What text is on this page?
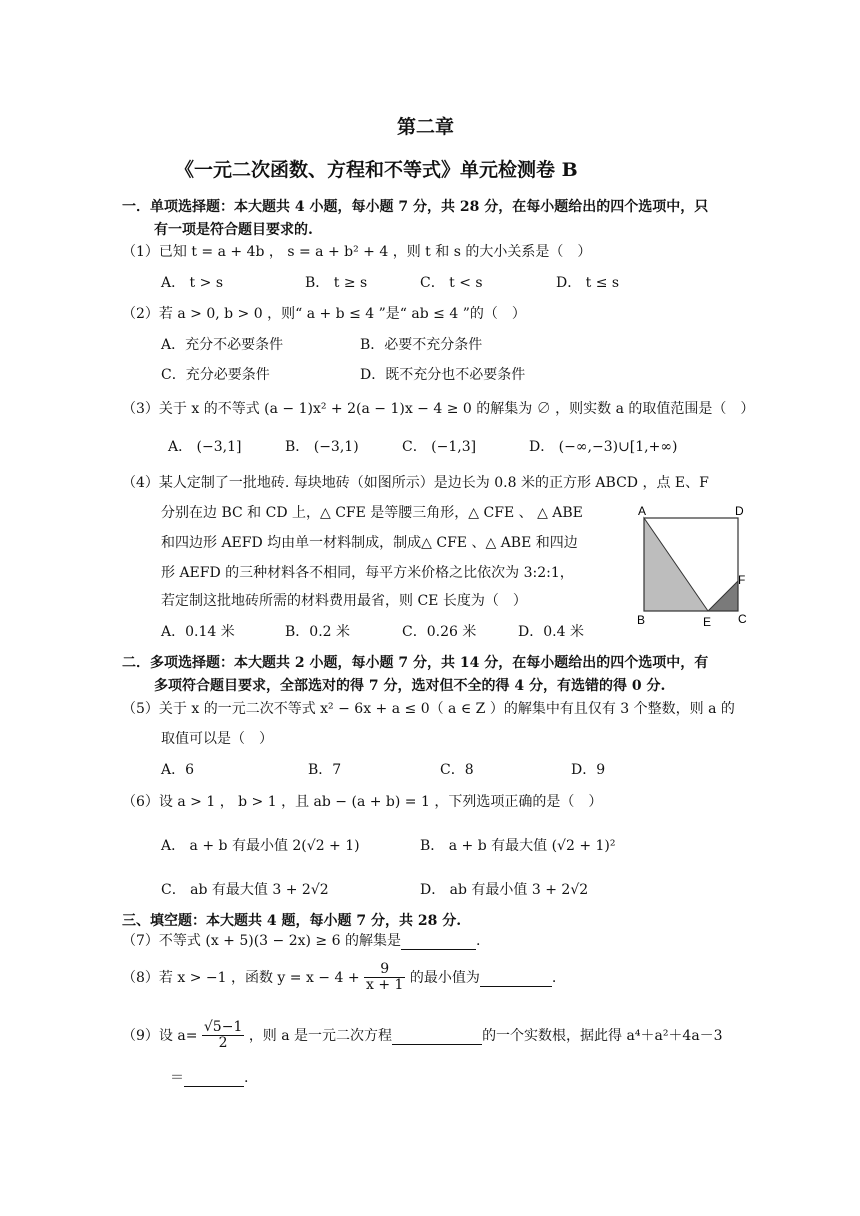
第二章
《一元二次函数、方程和不等式》单元检测卷 B
一．单项选择题：本大题共 4 小题，每小题 7 分，共 28 分，在每小题给出的四个选项中，只
有一项是符合题目要求的.
（1）已知 t = a + 4b ， s = a + b² + 4 ，则 t 和 s 的大小关系是（　）
A． t > s	B． t ≥ s	C． t < s	D． t ≤ s
（2）若 a > 0, b > 0 ，则“ a + b ≤ 4 ”是“ ab ≤ 4 ”的（　）
A．充分不必要条件	B．必要不充分条件
C．充分必要条件	D．既不充分也不必要条件
（3）关于 x 的不等式 (a − 1)x² + 2(a − 1)x − 4 ≥ 0 的解集为 ∅ ，则实数 a 的取值范围是（　）
A． (−3,1]	B． (−3,1)	C． (−1,3]	D． (−∞,−3)∪[1,+∞)
（4）某人定制了一批地砖. 每块地砖（如图所示）是边长为 0.8 米的正方形 ABCD ，点 E、F
分别在边 BC 和 CD 上，△ CFE 是等腰三角形，△ CFE 、 △ ABE
和四边形 AEFD 均由单一材料制成，制成△ CFE 、△ ABE 和四边
形 AEFD 的三种材料各不相同，每平方米价格之比依次为 3:2:1，
若定制这批地砖所需的材料费用最省，则 CE 长度为（　）
A．0.14 米	B．0.2 米	C．0.26 米	D．0.4 米
A	D
B	E C
F
二．多项选择题：本大题共 2 小题，每小题 7 分，共 14 分，在每小题给出的四个选项中，有
多项符合题目要求，全部选对的得 7 分，选对但不全的得 4 分，有选错的得 0 分.
（5）关于 x 的一元二次不等式 x² − 6x + a ≤ 0（ a ∈ Z ）的解集中有且仅有 3 个整数，则 a 的
取值可以是（　）
A．6	B．7	C．8	D．9
（6）设 a > 1 ， b > 1 ，且 ab − (a + b) = 1 ，下列选项正确的是（　）
A． a + b 有最小值 2(√2 + 1)	B． a + b 有最大值 (√2 + 1)²
C． ab 有最大值 3 + 2√2	D． ab 有最小值 3 + 2√2
三、填空题：本大题共 4 题，每小题 7 分，共 28 分.
（7）不等式 (x + 5)(3 − 2x) ≥ 6 的解集是	.
（8）若 x > −1 ，函数 $y = x - 4 + \frac{9}{x + 1}$ 的最小值为	.
（9）设 $a= \frac{√5-1}{2}$ ，则 a 是一元二次方程	的一个实数根，据此得 a⁴＋a²＋4a－3
＝	.
